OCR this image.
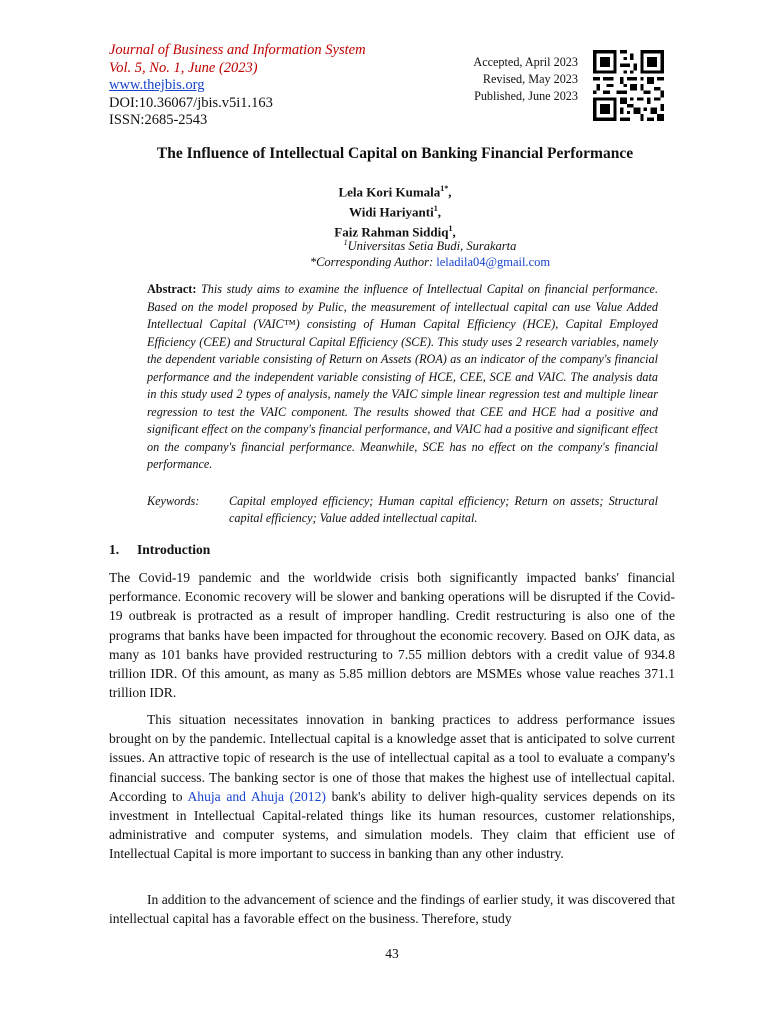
Journal of Business and Information System
Vol. 5, No. 1, June (2023)
www.thejbis.org
DOI:10.36067/jbis.v5i1.163
ISSN:2685-2543
Accepted, April 2023
Revised, May 2023
Published, June 2023
The Influence of Intellectual Capital on Banking Financial Performance
Lela Kori Kumala$^{1*}$,
Widi Hariyanti$^1$,
Faiz Rahman Siddiq$^1$,
$^1$Universitas Setia Budi, Surakarta
*Corresponding Author: leladila04@gmail.com
Abstract: This study aims to examine the influence of Intellectual Capital on financial performance. Based on the model proposed by Pulic, the measurement of intellectual capital can use Value Added Intellectual Capital (VAIC™) consisting of Human Capital Efficiency (HCE), Capital Employed Efficiency (CEE) and Structural Capital Efficiency (SCE). This study uses 2 research variables, namely the dependent variable consisting of Return on Assets (ROA) as an indicator of the company's financial performance and the independent variable consisting of HCE, CEE, SCE and VAIC. The analysis data in this study used 2 types of analysis, namely the VAIC simple linear regression test and multiple linear regression to test the VAIC component. The results showed that CEE and HCE had a positive and significant effect on the company's financial performance, and VAIC had a positive and significant effect on the company's financial performance. Meanwhile, SCE has no effect on the company's financial performance.
Keywords: Capital employed efficiency; Human capital efficiency; Return on assets; Structural capital efficiency; Value added intellectual capital.
1. Introduction
The Covid-19 pandemic and the worldwide crisis both significantly impacted banks' financial performance. Economic recovery will be slower and banking operations will be disrupted if the Covid-19 outbreak is protracted as a result of improper handling. Credit restructuring is also one of the programs that banks have been impacted for throughout the economic recovery. Based on OJK data, as many as 101 banks have provided restructuring to 7.55 million debtors with a credit value of 934.8 trillion IDR. Of this amount, as many as 5.85 million debtors are MSMEs whose value reaches 371.1 trillion IDR.
This situation necessitates innovation in banking practices to address performance issues brought on by the pandemic. Intellectual capital is a knowledge asset that is anticipated to solve current issues. An attractive topic of research is the use of intellectual capital as a tool to evaluate a company's financial success. The banking sector is one of those that makes the highest use of intellectual capital. According to Ahuja and Ahuja (2012) bank's ability to deliver high-quality services depends on its investment in Intellectual Capital-related things like its human resources, customer relationships, administrative and computer systems, and simulation models. They claim that efficient use of Intellectual Capital is more important to success in banking than any other industry.
In addition to the advancement of science and the findings of earlier study, it was discovered that intellectual capital has a favorable effect on the business. Therefore, study
43
